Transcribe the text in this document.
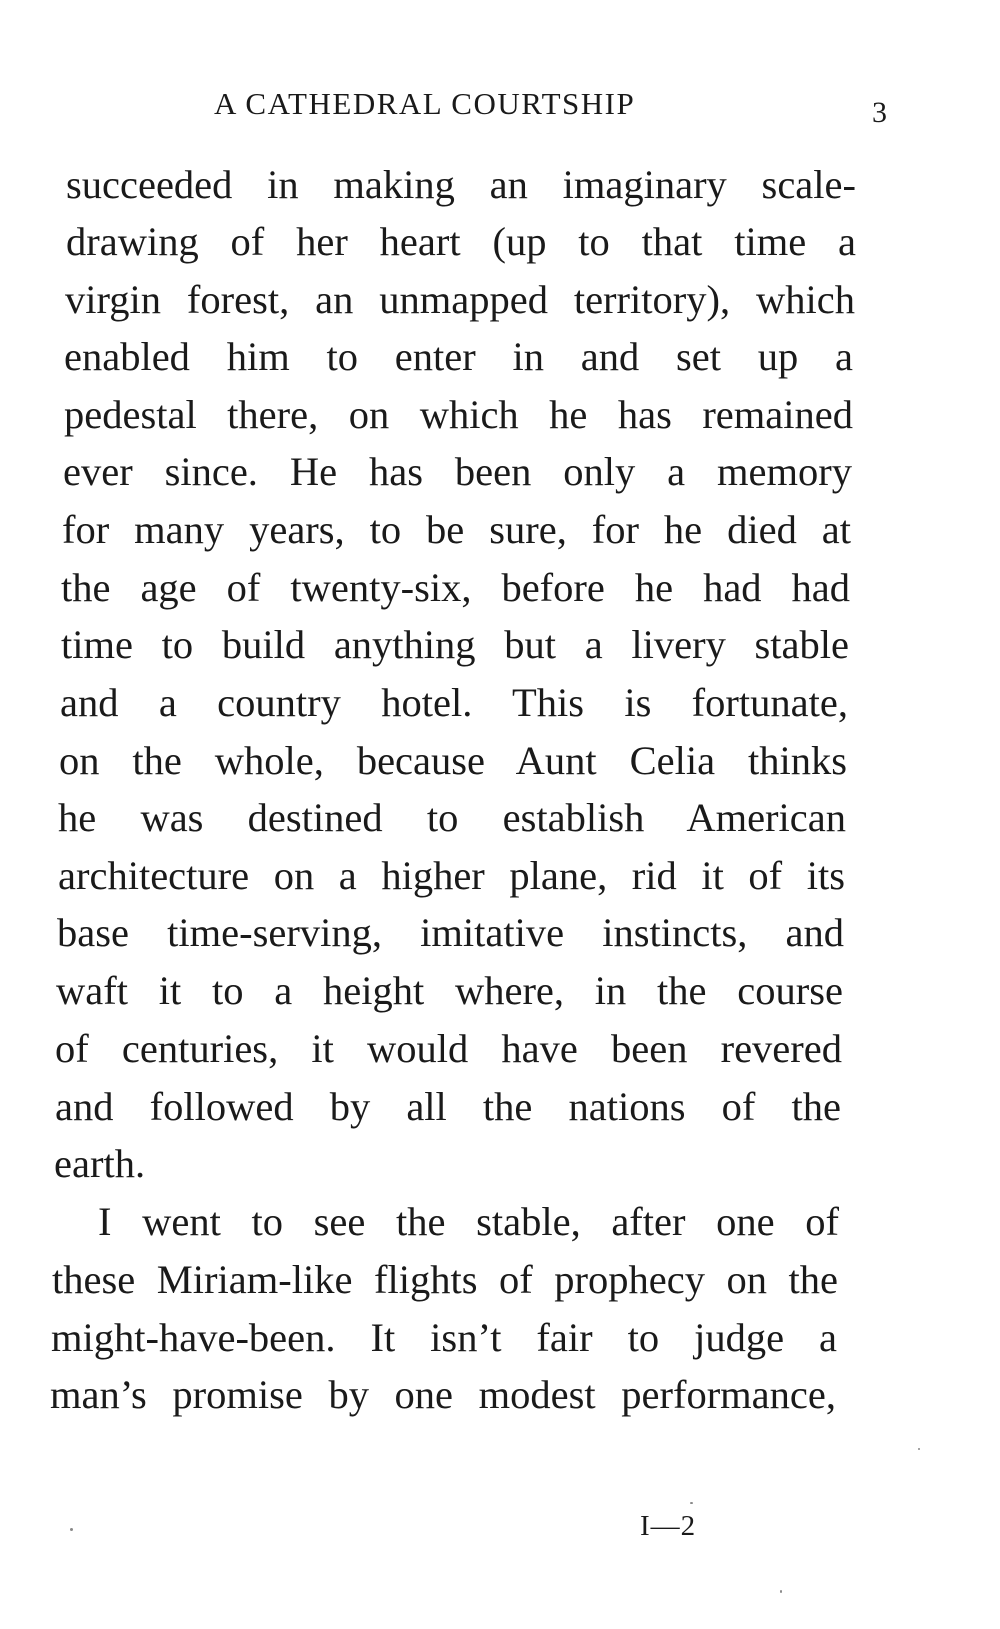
A CATHEDRAL COURTSHIP	3
succeeded in making an imaginary scale-
drawing of her heart (up to that time a
virgin forest, an unmapped territory), which
enabled him to enter in and set up a
pedestal there, on which he has remained
ever since. He has been only a memory
for many years, to be sure, for he died at
the age of twenty-six, before he had had
time to build anything but a livery stable
and a country hotel. This is fortunate,
on the whole, because Aunt Celia thinks
he was destined to establish American
architecture on a higher plane, rid it of its
base time-serving, imitative instincts, and
waft it to a height where, in the course
of centuries, it would have been revered
and followed by all the nations of the
earth.
I went to see the stable, after one of
these Miriam-like flights of prophecy on the
might-have-been. It isn’t fair to judge a
man’s promise by one modest performance,
I—2
